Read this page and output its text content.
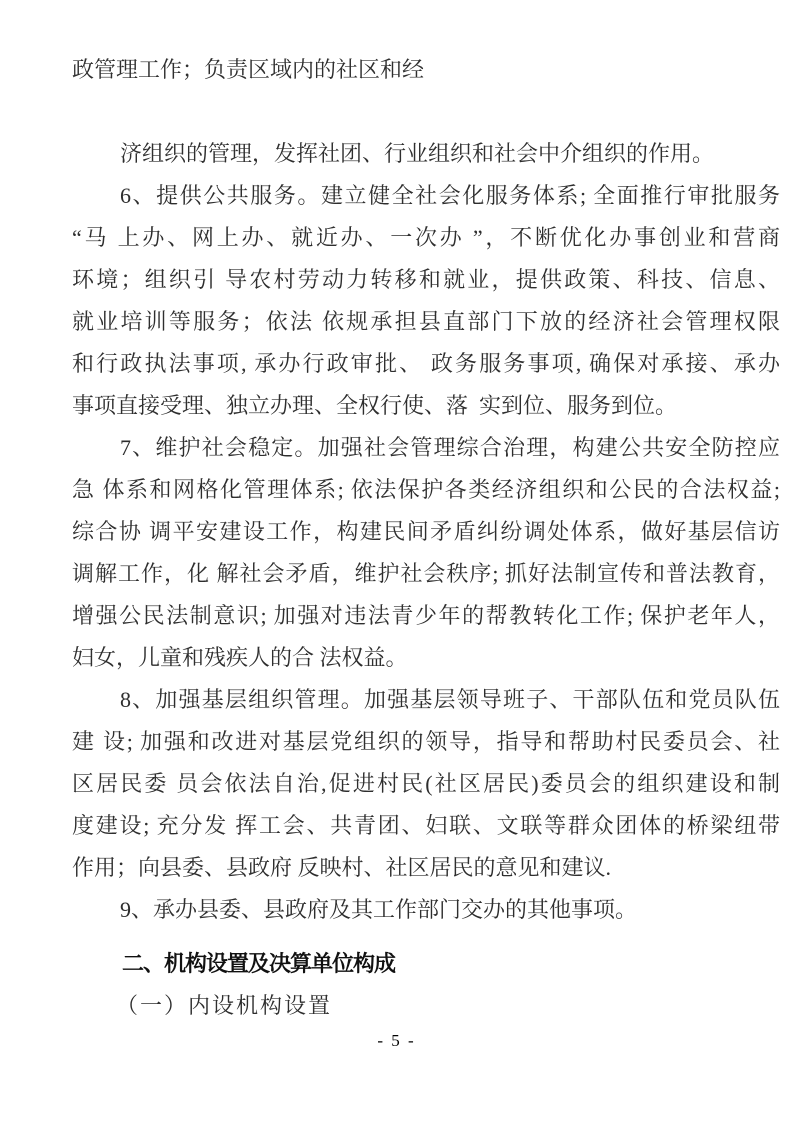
政管理工作；负责区域内的社区和经
济组织的管理，发挥社团、行业组织和社会中介组织的作用。
6、提供公共服务。建立健全社会化服务体系; 全面推行审批服务
“马 上办、网上办、就近办、一次办 ”，不断优化办事创业和营商
环境；组织引 导农村劳动力转移和就业，提供政策、科技、信息、
就业培训等服务；依法 依规承担县直部门下放的经济社会管理权限
和行政执法事项, 承办行政审批、 政务服务事项, 确保对承接、承办
事项直接受理、独立办理、全权行使、落  实到位、服务到位。
7、维护社会稳定。加强社会管理综合治理，构建公共安全防控应
急 体系和网格化管理体系; 依法保护各类经济组织和公民的合法权益;
综合协 调平安建设工作，构建民间矛盾纠纷调处体系，做好基层信访
调解工作，化 解社会矛盾，维护社会秩序; 抓好法制宣传和普法教育，
增强公民法制意识; 加强对违法青少年的帮教转化工作; 保护老年人，
妇女，儿童和残疾人的合 法权益。
8、加强基层组织管理。加强基层领导班子、干部队伍和党员队伍
建 设; 加强和改进对基层党组织的领导，指导和帮助村民委员会、社
区居民委 员会依法自治,促进村民(社区居民)委员会的组织建设和制
度建设; 充分发 挥工会、共青团、妇联、文联等群众团体的桥梁纽带
作用；向县委、县政府 反映村、社区居民的意见和建议.
9、承办县委、县政府及其工作部门交办的其他事项。
二、机构设置及决算单位构成
（一）内设机构设置
- 5 -
